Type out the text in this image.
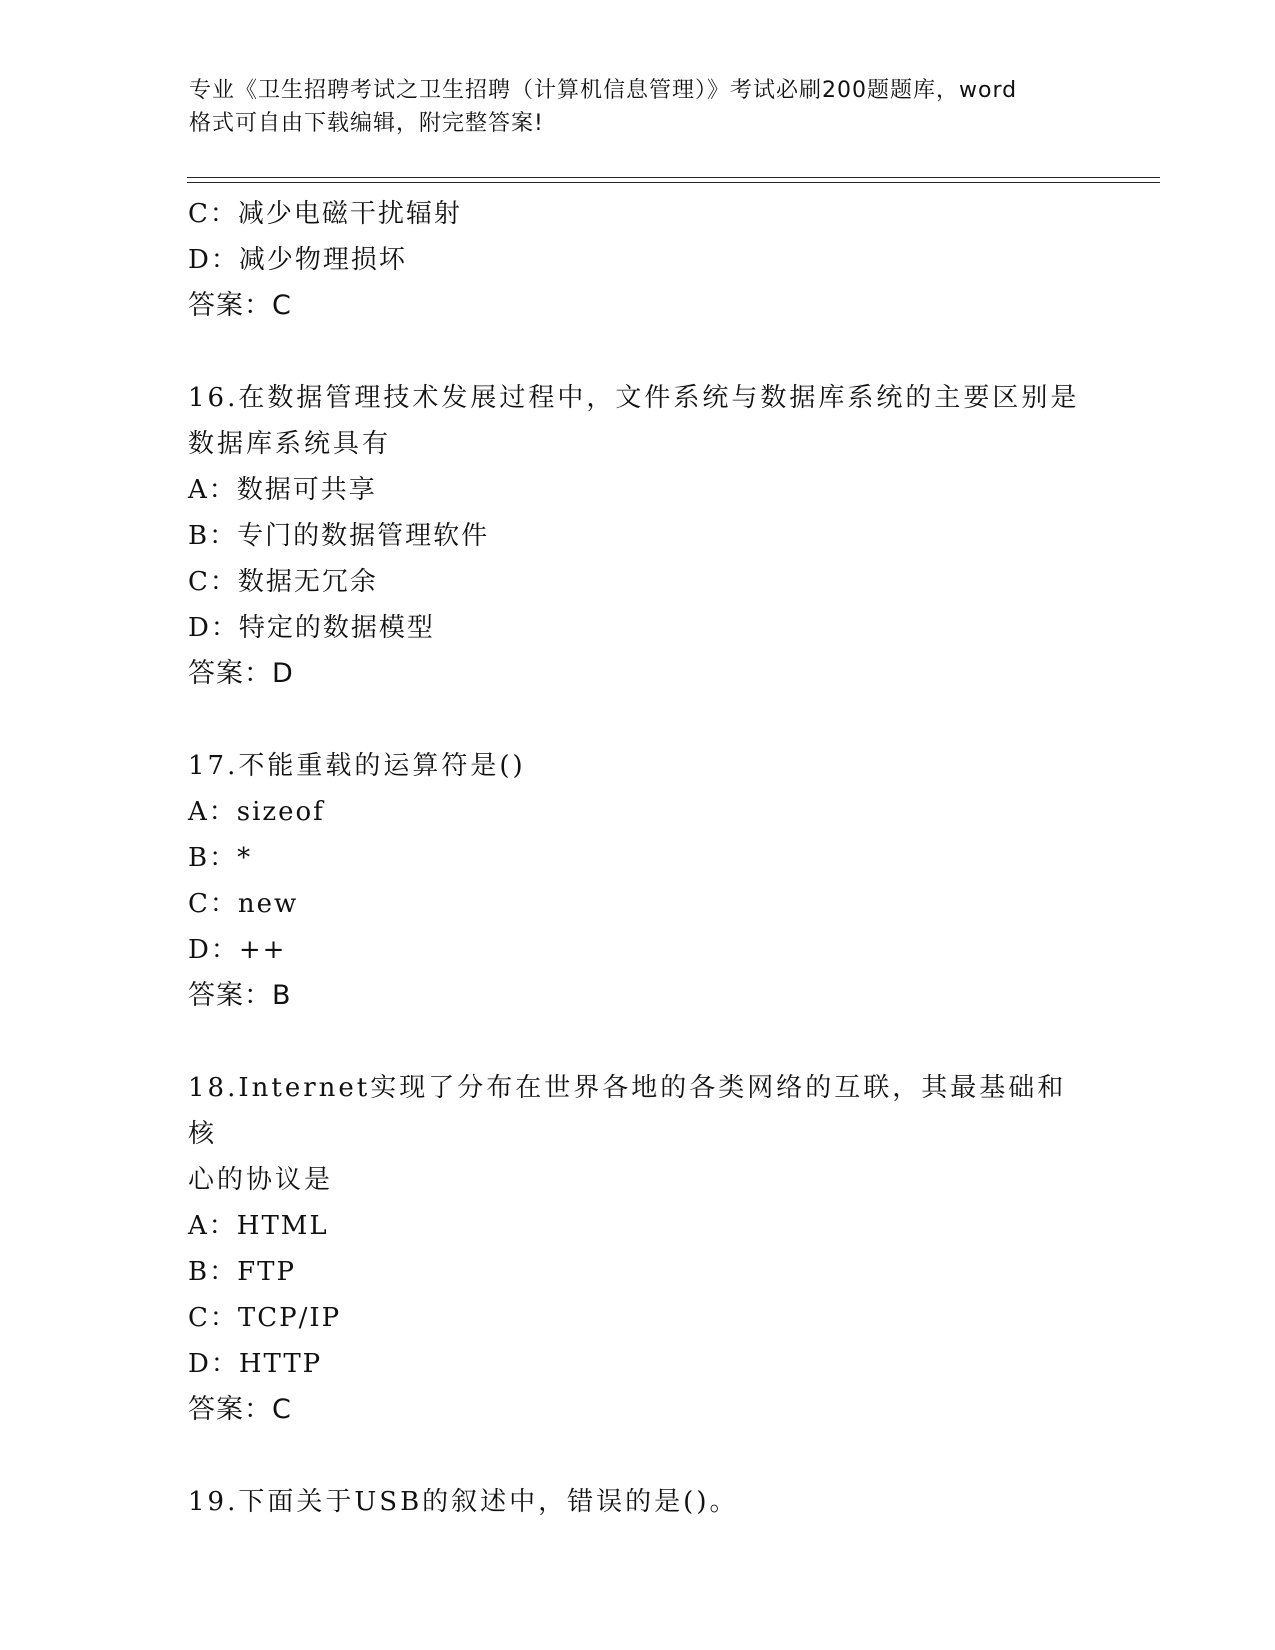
专业《卫生招聘考试之卫生招聘（计算机信息管理）》考试必刷200题题库，word
格式可自由下载编辑，附完整答案!
C：减少电磁干扰辐射
D：减少物理损坏
答案：C
16.在数据管理技术发展过程中，文件系统与数据库系统的主要区别是
数据库系统具有
A：数据可共享
B：专门的数据管理软件
C：数据无冗余
D：特定的数据模型
答案：D
17.不能重载的运算符是()
A：sizeof
B：*
C：new
D：++
答案：B
18.Internet实现了分布在世界各地的各类网络的互联，其最基础和核
心的协议是
A：HTML
B：FTP
C：TCP/IP
D：HTTP
答案：C
19.下面关于USB的叙述中，错误的是()。
